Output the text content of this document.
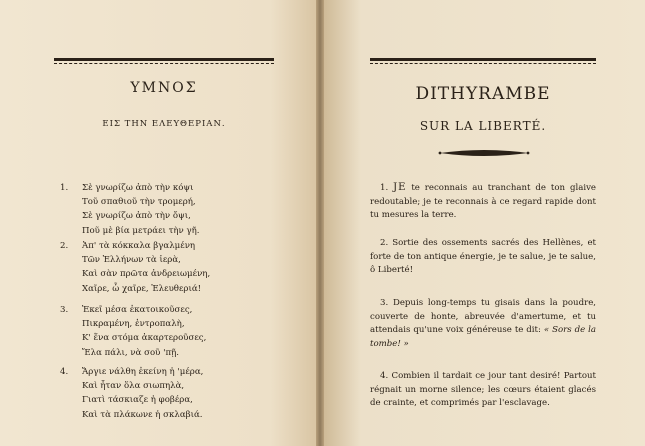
ΥΜΝΟΣ
ΕΙΣ ΤΗΝ ΕΛΕΥΘΕΡΙΑΝ.
1. Σὲ γνωρίζω ἀπὸ τὴν κόψι
Τοῦ σπαθιοῦ τὴν τρομερή,
Σὲ γνωρίζω ἀπὸ τὴν ὄψι,
Ποῦ μὲ βία μετράει τὴν γῆ.
2. Ἀπ' τὰ κόκκαλα βγαλμένη
Τῶν Ἑλλήνων τὰ ἱερὰ,
Καὶ σὰν πρῶτα ἀνδρειωμένη,
Χαῖρε, ὦ χαῖρε, Ἐλευθεριά!
3. Ἐκεῖ μέσα ἐκατοικοῦσες,
Πικραμένη, ἐντροπαλὴ,
Κ' ἕνα στόμα ἀκαρτεροῦσες,
Ἔλα πάλι, νὰ σοῦ 'πῇ.
4. Ἄργιε νάλθη ἐκείνη ἡ 'μέρα,
Καὶ ἦταν ὅλα σιωπηλὰ,
Γιατὶ τάσκιαζε ἡ φοβέρα,
Καὶ τὰ πλάκωνε ἡ σκλαβιά.
DITHYRAMBE
SUR LA LIBERTÉ.
1. JE te reconnais au tranchant de ton glaive redoutable; je te reconnais à ce regard rapide dont tu mesures la terre.
2. Sortie des ossements sacrés des Hellènes, et forte de ton antique énergie, je te salue, je te salue, ô Liberté!
3. Depuis long-temps tu gisais dans la poudre, couverte de honte, abreuvée d'amertume, et tu attendais qu'une voix généreuse te dit: « Sors de la tombe! »
4. Combien il tardait ce jour tant desiré! Partout régnait un morne silence; les cœurs étaient glacés de crainte, et comprimés par l'esclavage.
